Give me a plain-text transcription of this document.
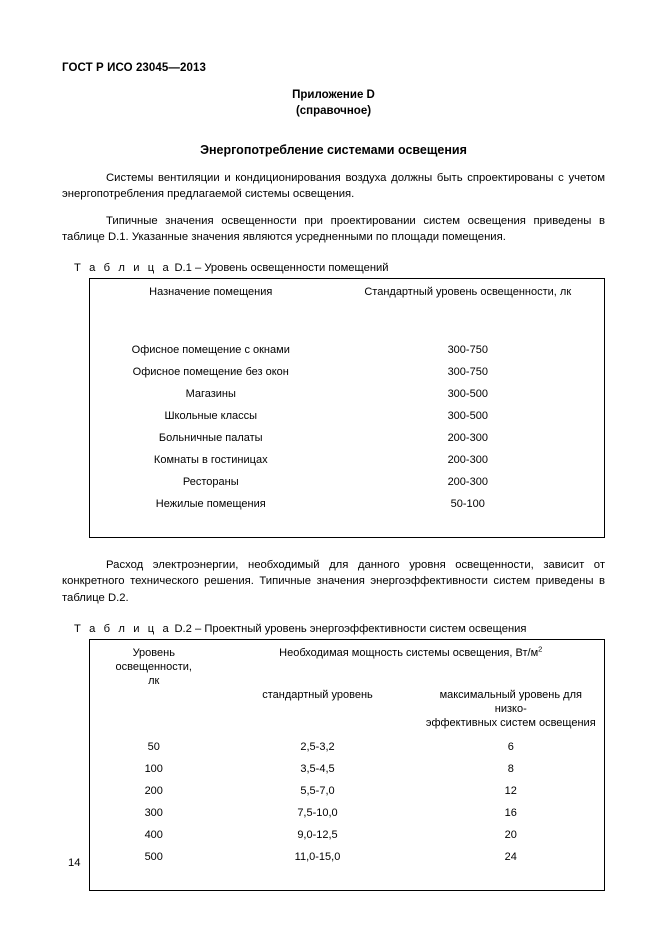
ГОСТ Р ИСО 23045—2013
Приложение D
(справочное)
Энергопотребление системами освещения

Системы вентиляции и кондиционирования воздуха должны быть спроектированы с учетом энергопотребления предлагаемой системы освещения.

Типичные значения освещенности при проектировании систем освещения приведены в таблице D.1. Указанные значения являются усредненными по площади помещения.

Т а б л и ц а D.1 – Уровень освещенности помещений
Назначение помещения	Стандартный уровень освещенности, лк
Офисное помещение с окнами	300-750
Офисное помещение без окон	300-750
Магазины	300-500
Школьные классы	300-500
Больничные палаты	200-300
Комнаты в гостиницах	200-300
Рестораны	200-300
Нежилые помещения	50-100

Расход электроэнергии, необходимый для данного уровня освещенности, зависит от конкретного технического решения. Типичные значения энергоэффективности систем приведены в таблице D.2.

Т а б л и ц а D.2 – Проектный уровень энергоэффективности систем освещения
Уровень освещенности,
лк	Необходимая мощность системы освещения, $Вт/м^2$
	стандартный уровень	максимальный уровень для низко-
эффективных систем освещения
50	2,5-3,2	6
100	3,5-4,5	8
200	5,5-7,0	12
300	7,5-10,0	16
400	9,0-12,5	20
500	11,0-15,0	24

14
